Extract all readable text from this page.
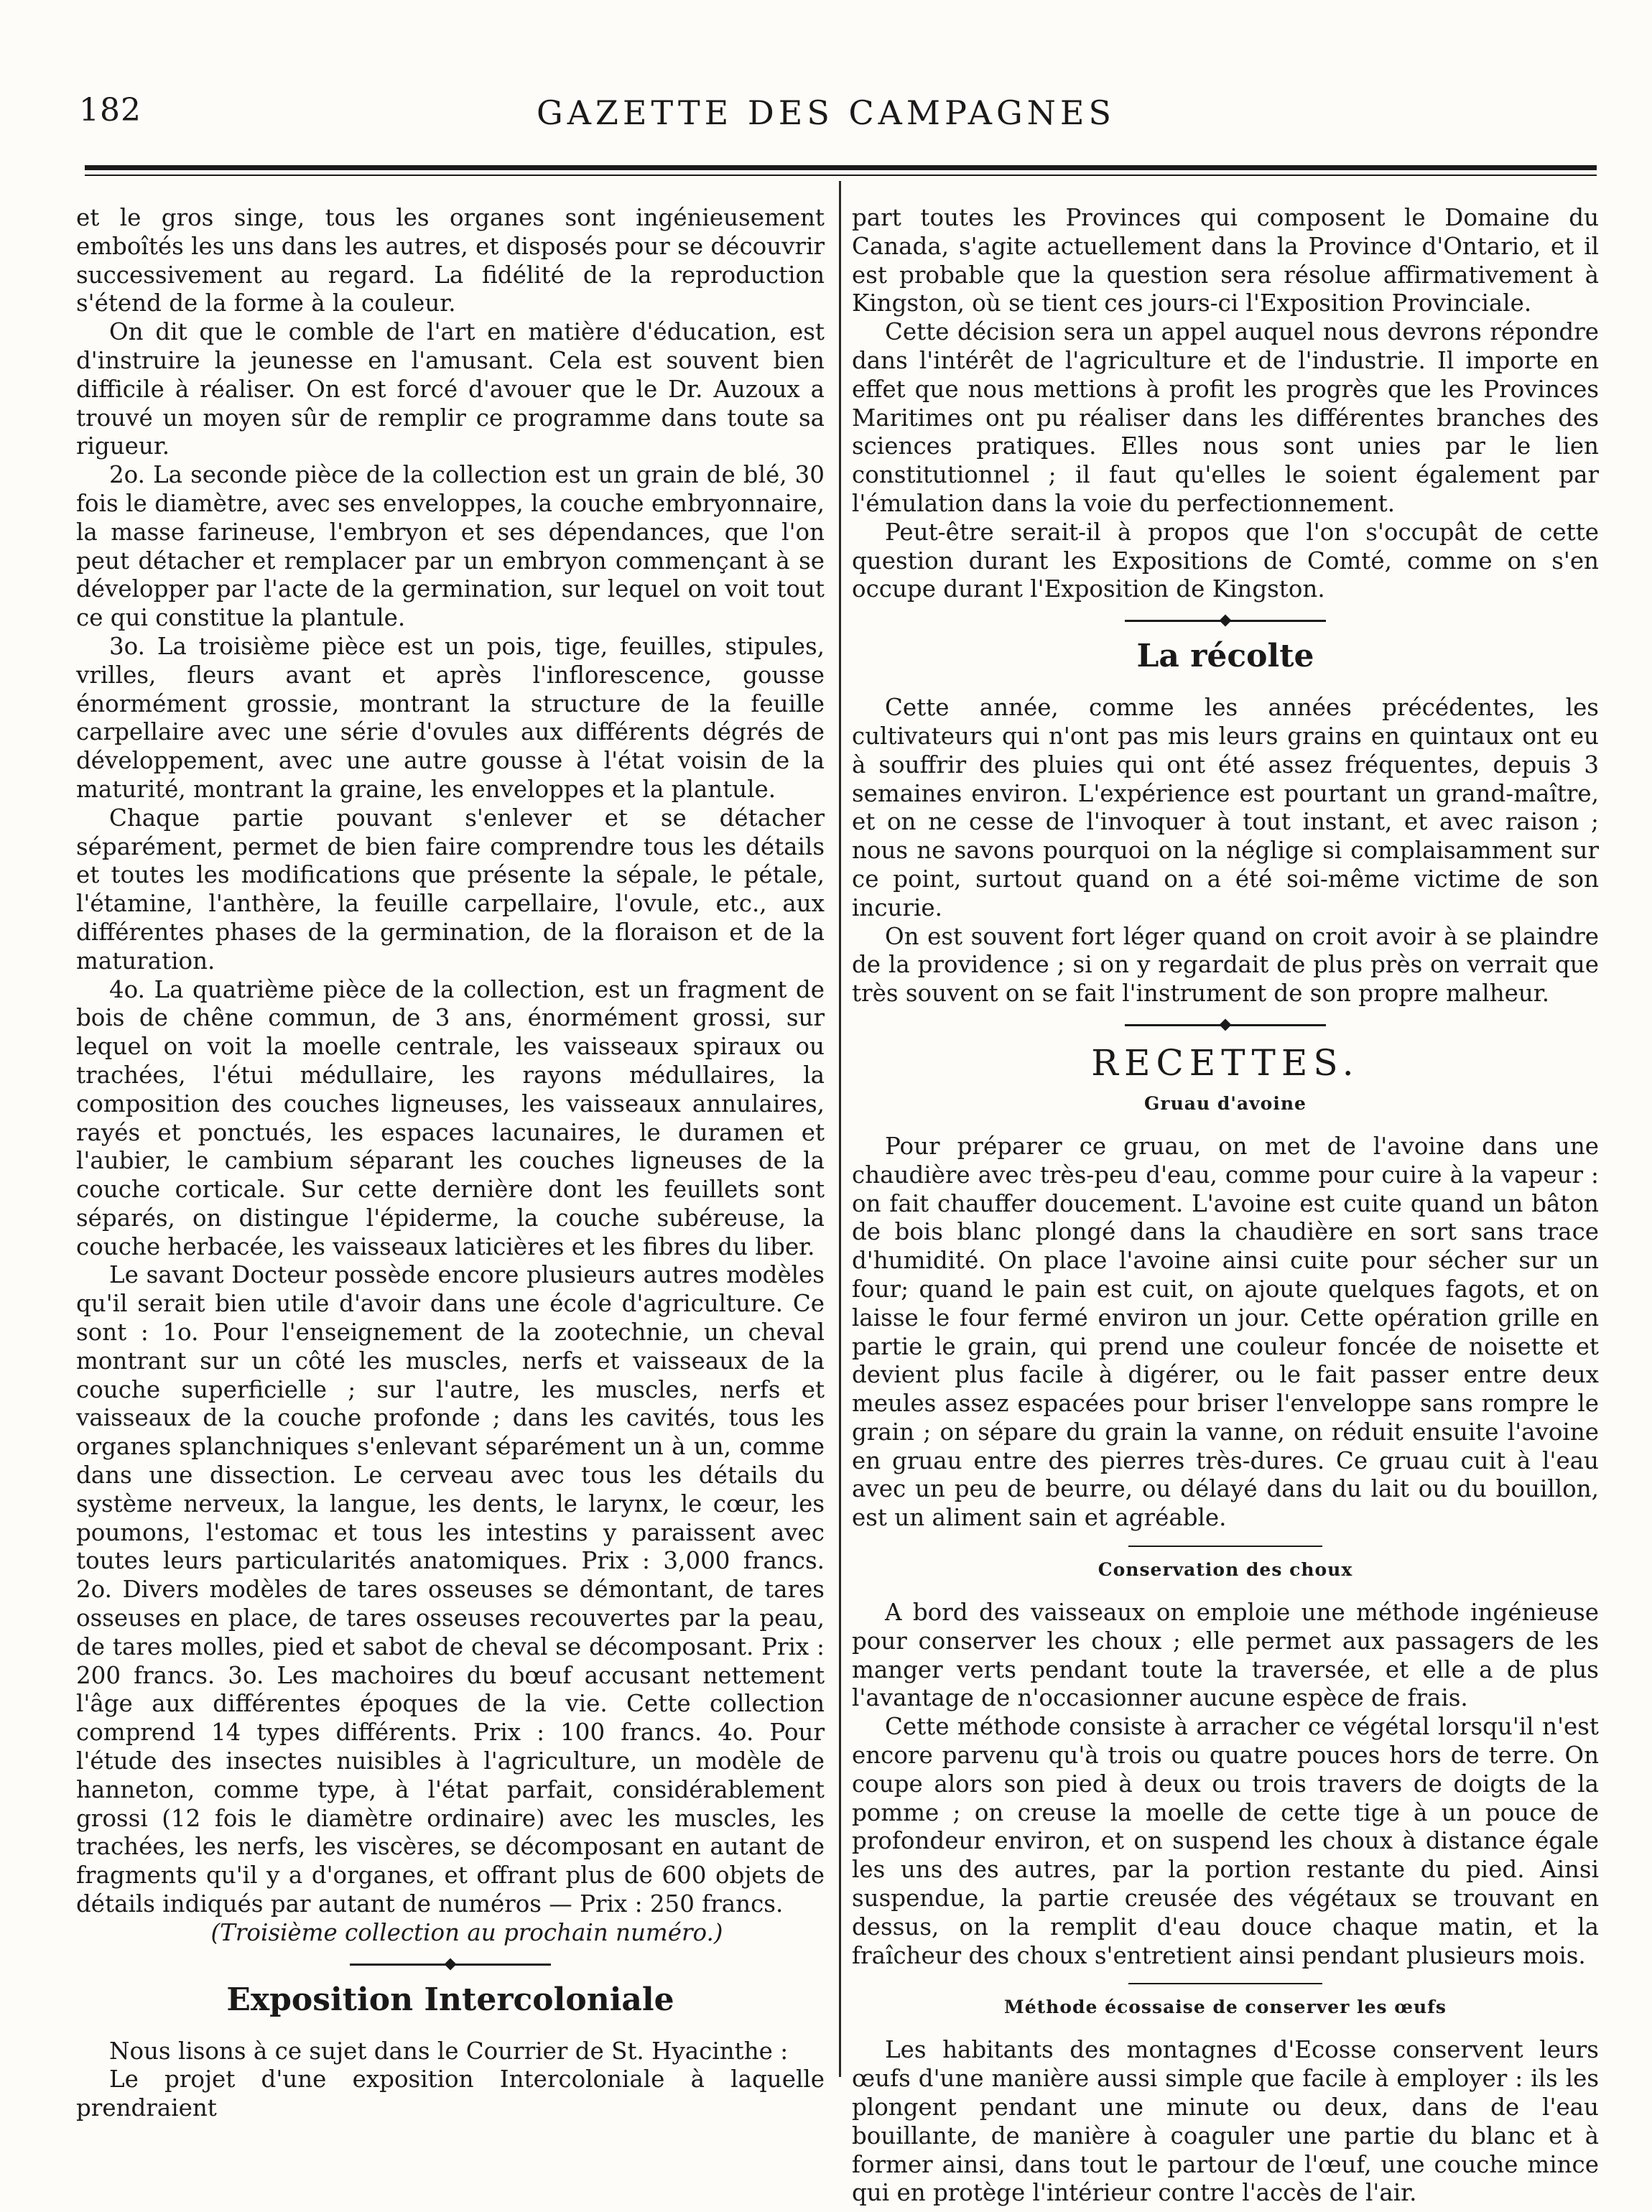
182	GAZETTE DES CAMPAGNES

et le gros singe, tous les organes sont ingénieusement emboîtés les uns dans les autres, et disposés pour se découvrir successivement au regard. La fidélité de la reproduction s'étend de la forme à la couleur.

On dit que le comble de l'art en matière d'éducation, est d'instruire la jeunesse en l'amusant. Cela est souvent bien difficile à réaliser. On est forcé d'avouer que le Dr. Auzoux a trouvé un moyen sûr de remplir ce programme dans toute sa rigueur.

2o. La seconde pièce de la collection est un grain de blé, 30 fois le diamètre, avec ses enveloppes, la couche embryonnaire, la masse farineuse, l'embryon et ses dépendances, que l'on peut détacher et remplacer par un embryon commençant à se développer par l'acte de la germination, sur lequel on voit tout ce qui constitue la plantule.

3o. La troisième pièce est un pois, tige, feuilles, stipules, vrilles, fleurs avant et après l'inflorescence, gousse énormément grossie, montrant la structure de la feuille carpellaire avec une série d'ovules aux différents dégrés de développement, avec une autre gousse à l'état voisin de la maturité, montrant la graine, les enveloppes et la plantule.

Chaque partie pouvant s'enlever et se détacher séparément, permet de bien faire comprendre tous les détails et toutes les modifications que présente la sépale, le pétale, l'étamine, l'anthère, la feuille carpellaire, l'ovule, etc., aux différentes phases de la germination, de la floraison et de la maturation.

4o. La quatrième pièce de la collection, est un fragment de bois de chêne commun, de 3 ans, énormément grossi, sur lequel on voit la moelle centrale, les vaisseaux spiraux ou trachées, l'étui médullaire, les rayons médullaires, la composition des couches ligneuses, les vaisseaux annulaires, rayés et ponctués, les espaces lacunaires, le duramen et l'aubier, le cambium séparant les couches ligneuses de la couche corticale. Sur cette dernière dont les feuillets sont séparés, on distingue l'épiderme, la couche subéreuse, la couche herbacée, les vaisseaux laticières et les fibres du liber.

Le savant Docteur possède encore plusieurs autres modèles qu'il serait bien utile d'avoir dans une école d'agriculture. Ce sont : 1o. Pour l'enseignement de la zootechnie, un cheval montrant sur un côté les muscles, nerfs et vaisseaux de la couche superficielle ; sur l'autre, les muscles, nerfs et vaisseaux de la couche profonde ; dans les cavités, tous les organes splanchniques s'enlevant séparément un à un, comme dans une dissection. Le cerveau avec tous les détails du système nerveux, la langue, les dents, le larynx, le cœur, les poumons, l'estomac et tous les intestins y paraissent avec toutes leurs particularités anatomiques. Prix : 3,000 francs. 2o. Divers modèles de tares osseuses se démontant, de tares osseuses en place, de tares osseuses recouvertes par la peau, de tares molles, pied et sabot de cheval se décomposant. Prix : 200 francs. 3o. Les machoires du bœuf accusant nettement l'âge aux différentes époques de la vie. Cette collection comprend 14 types différents. Prix : 100 francs. 4o. Pour l'étude des insectes nuisibles à l'agriculture, un modèle de hanneton, comme type, à l'état parfait, considérablement grossi (12 fois le diamètre ordinaire) avec les muscles, les trachées, les nerfs, les viscères, se décomposant en autant de fragments qu'il y a d'organes, et offrant plus de 600 objets de détails indiqués par autant de numéros — Prix : 250 francs.

(Troisième collection au prochain numéro.)

Exposition Intercoloniale

Nous lisons à ce sujet dans le Courrier de St. Hyacinthe :

Le projet d'une exposition Intercoloniale à laquelle prendraient

part toutes les Provinces qui composent le Domaine du Canada, s'agite actuellement dans la Province d'Ontario, et il est probable que la question sera résolue affirmativement à Kingston, où se tient ces jours-ci l'Exposition Provinciale.

Cette décision sera un appel auquel nous devrons répondre dans l'intérêt de l'agriculture et de l'industrie. Il importe en effet que nous mettions à profit les progrès que les Provinces Maritimes ont pu réaliser dans les différentes branches des sciences pratiques. Elles nous sont unies par le lien constitutionnel ; il faut qu'elles le soient également par l'émulation dans la voie du perfectionnement.

Peut-être serait-il à propos que l'on s'occupât de cette question durant les Expositions de Comté, comme on s'en occupe durant l'Exposition de Kingston.

La récolte

Cette année, comme les années précédentes, les cultivateurs qui n'ont pas mis leurs grains en quintaux ont eu à souffrir des pluies qui ont été assez fréquentes, depuis 3 semaines environ. L'expérience est pourtant un grand-maître, et on ne cesse de l'invoquer à tout instant, et avec raison ; nous ne savons pourquoi on la néglige si complaisamment sur ce point, surtout quand on a été soi-même victime de son incurie.

On est souvent fort léger quand on croit avoir à se plaindre de la providence ; si on y regardait de plus près on verrait que très souvent on se fait l'instrument de son propre malheur.

RECETTES.
Gruau d'avoine

Pour préparer ce gruau, on met de l'avoine dans une chaudière avec très-peu d'eau, comme pour cuire à la vapeur : on fait chauffer doucement. L'avoine est cuite quand un bâton de bois blanc plongé dans la chaudière en sort sans trace d'humidité. On place l'avoine ainsi cuite pour sécher sur un four; quand le pain est cuit, on ajoute quelques fagots, et on laisse le four fermé environ un jour. Cette opération grille en partie le grain, qui prend une couleur foncée de noisette et devient plus facile à digérer, ou le fait passer entre deux meules assez espacées pour briser l'enveloppe sans rompre le grain ; on sépare du grain la vanne, on réduit ensuite l'avoine en gruau entre des pierres très-dures. Ce gruau cuit à l'eau avec un peu de beurre, ou délayé dans du lait ou du bouillon, est un aliment sain et agréable.

Conservation des choux

A bord des vaisseaux on emploie une méthode ingénieuse pour conserver les choux ; elle permet aux passagers de les manger verts pendant toute la traversée, et elle a de plus l'avantage de n'occasionner aucune espèce de frais.

Cette méthode consiste à arracher ce végétal lorsqu'il n'est encore parvenu qu'à trois ou quatre pouces hors de terre. On coupe alors son pied à deux ou trois travers de doigts de la pomme ; on creuse la moelle de cette tige à un pouce de profondeur environ, et on suspend les choux à distance égale les uns des autres, par la portion restante du pied. Ainsi suspendue, la partie creusée des végétaux se trouvant en dessus, on la remplit d'eau douce chaque matin, et la fraîcheur des choux s'entretient ainsi pendant plusieurs mois.

Méthode écossaise de conserver les œufs

Les habitants des montagnes d'Ecosse conservent leurs œufs d'une manière aussi simple que facile à employer : ils les plongent pendant une minute ou deux, dans de l'eau bouillante, de manière à coaguler une partie du blanc et à former ainsi, dans tout le partour de l'œuf, une couche mince qui en protège l'intérieur contre l'accès de l'air.
